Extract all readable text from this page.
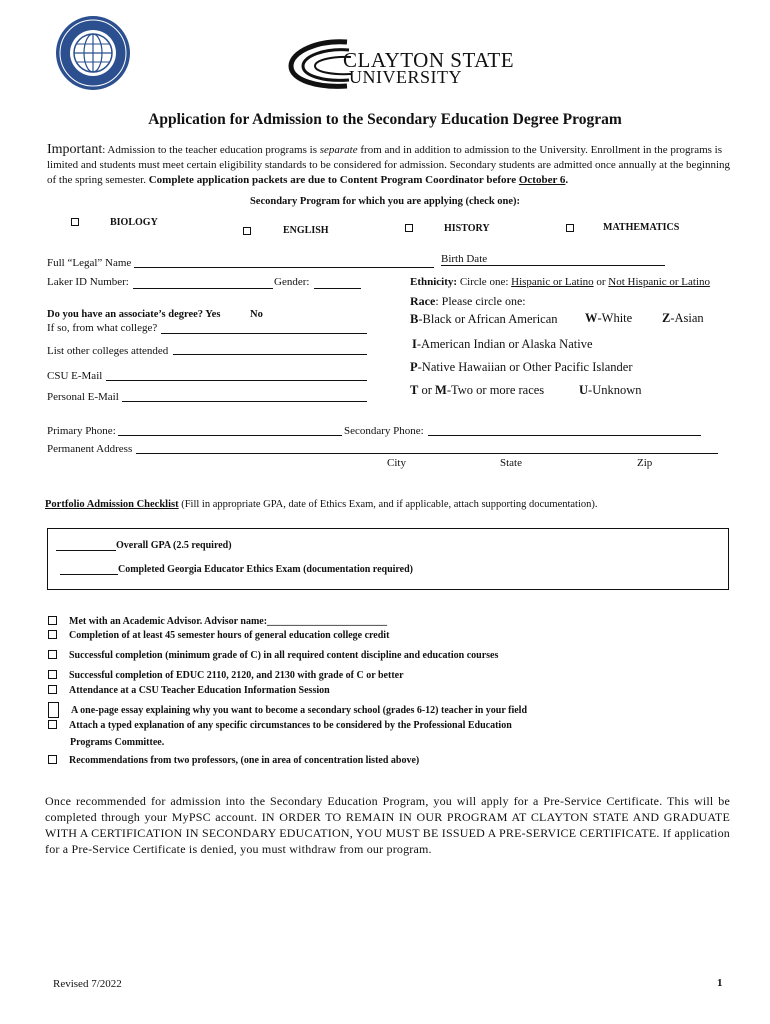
CLAYTON STATE
UNIVERSITY
Application for Admission to the Secondary Education Degree Program
Important: Admission to the teacher education programs is separate from and in addition to admission to the University. Enrollment in the programs is limited and students must meet certain eligibility standards to be considered for admission. Secondary students are admitted once annually at the beginning of the spring semester. Complete application packets are due to Content Program Coordinator before October 6.
Secondary Program for which you are applying (check one):
BIOLOGY
ENGLISH	HISTORY	MATHEMATICS
Full “Legal” Name	Birth Date
Laker ID Number:	Gender:	Ethnicity: Circle one: Hispanic or Latino or Not Hispanic or Latino
Race: Please circle one:
B-Black or African American W-White Z-Asian
I-American Indian or Alaska Native
P-Native Hawaiian or Other Pacific Islander
T or M-Two or more races	U-Unknown
Do you have an associate’s degree? Yes	No
If so, from what college?
List other colleges attended
CSU E-Mail
Personal E-Mail
Primary Phone:	Secondary Phone:
Permanent Address
City	State	Zip
Portfolio Admission Checklist (Fill in appropriate GPA, date of Ethics Exam, and if applicable, attach supporting documentation).
Overall GPA (2.5 required)
Completed Georgia Educator Ethics Exam (documentation required)
Met with an Academic Advisor. Advisor name:________________________
Completion of at least 45 semester hours of general education college credit
Successful completion (minimum grade of C) in all required content discipline and education courses
Successful completion of EDUC 2110, 2120, and 2130 with grade of C or better
Attendance at a CSU Teacher Education Information Session
A one-page essay explaining why you want to become a secondary school (grades 6-12) teacher in your field
Attach a typed explanation of any specific circumstances to be considered by the Professional Education
Programs Committee.
Recommendations from two professors, (one in area of concentration listed above)
Once recommended for admission into the Secondary Education Program, you will apply for a Pre-Service Certificate. This will be completed through your MyPSC account. IN ORDER TO REMAIN IN OUR PROGRAM AT CLAYTON STATE AND GRADUATE WITH A CERTIFICATION IN SECONDARY EDUCATION, YOU MUST BE ISSUED A PRE-SERVICE CERTIFICATE. If application for a Pre-Service Certificate is denied, you must withdraw from our program.
Revised 7/2022	1
